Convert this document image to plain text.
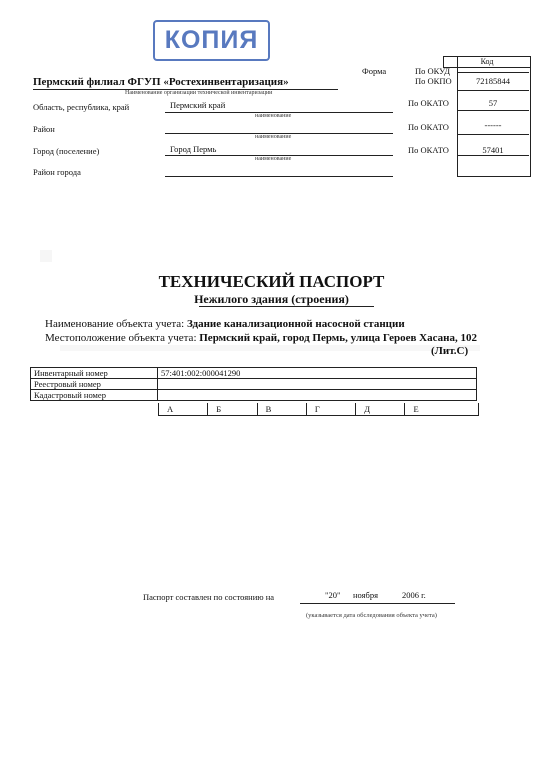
КОПИЯ
Код
Форма	По ОКУД
По ОКПО	72185844
По ОКАТО	57
По ОКАТО	------
По ОКАТО	57401
Пермский филиал ФГУП «Ростехинвентаризация»
Наименование организации технической инвентаризации
Область, республика, край	Пермский край
наименование
Район
наименование
Город (поселение)	Город Пермь
наименование
Район города
ТЕХНИЧЕСКИЙ ПАСПОРТ
Нежилого здания (строения)
Наименование объекта учета: Здание канализационной насосной станции
Местоположение объекта учета: Пермский край, город Пермь, улица Героев Хасана, 102
(Лит.С)
Инвентарный номер	57:401:002:000041290
Реестровый номер	
Кадастровый номер	
А	Б	В	Г	Д	Е
Паспорт составлен по состоянию на	"20" ноября	2006 г.
(указывается дата обследования объекта учета)
